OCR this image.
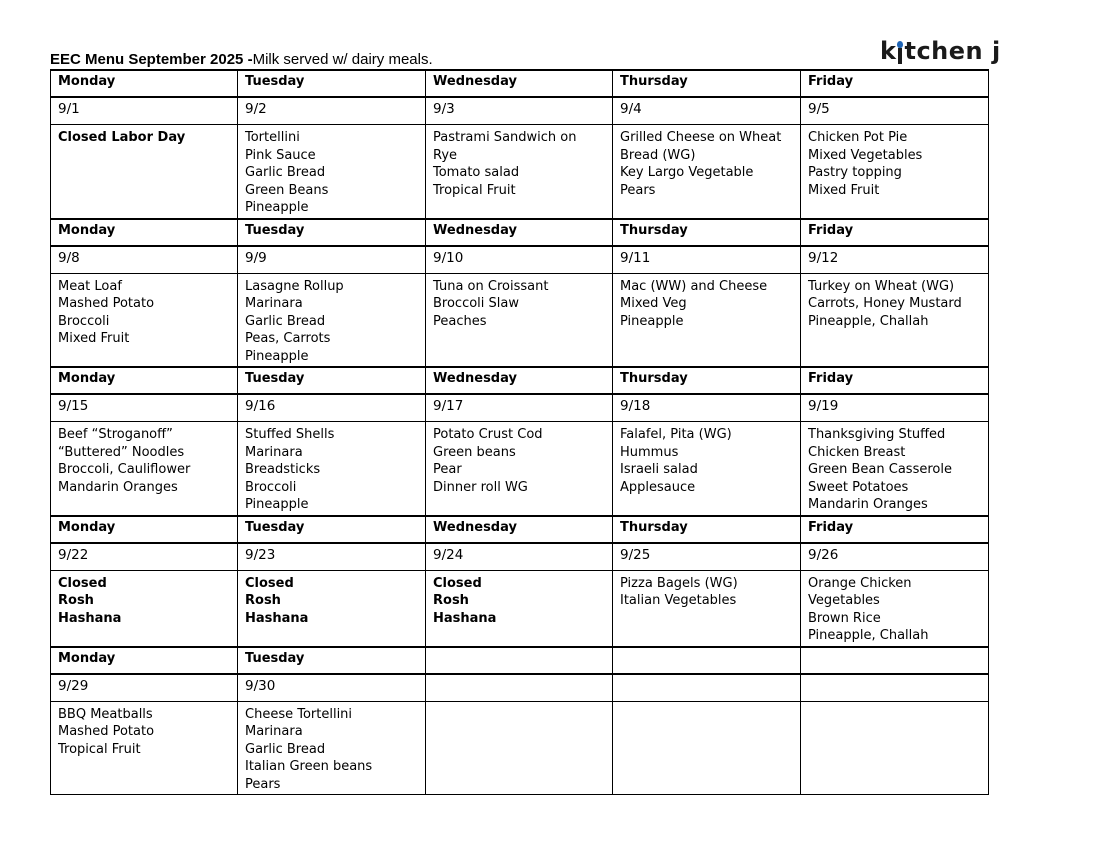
k tchen j
EEC Menu September 2025 -Milk served w/ dairy meals.
Monday	Tuesday	Wednesday	Thursday	Friday
9/1	9/2	9/3	9/4	9/5

Closed Labor Day	Tortellini
Pink Sauce
Garlic Bread
Green Beans
Pineapple	Pastrami Sandwich on
Rye
Tomato salad
Tropical Fruit	Grilled Cheese on Wheat
Bread (WG)
Key Largo Vegetable
Pears	Chicken Pot Pie
Mixed Vegetables
Pastry topping
Mixed Fruit

Monday	Tuesday	Wednesday	Thursday	Friday
9/8	9/9	9/10	9/11	9/12

Meat Loaf
Mashed Potato
Broccoli
Mixed Fruit	Lasagne Rollup
Marinara
Garlic Bread
Peas, Carrots
Pineapple	Tuna on Croissant
Broccoli Slaw
Peaches	Mac (WW) and Cheese
Mixed Veg
Pineapple	Turkey on Wheat (WG)
Carrots, Honey Mustard
Pineapple, Challah

Monday	Tuesday	Wednesday	Thursday	Friday
9/15	9/16	9/17	9/18	9/19

Beef “Stroganoff”
“Buttered” Noodles
Broccoli, Cauliflower
Mandarin Oranges	Stuffed Shells
Marinara
Breadsticks
Broccoli
Pineapple	Potato Crust Cod
Green beans
Pear
Dinner roll WG	Falafel, Pita (WG)
Hummus
Israeli salad
Applesauce	Thanksgiving Stuffed
Chicken Breast
Green Bean Casserole
Sweet Potatoes
Mandarin Oranges

Monday	Tuesday	Wednesday	Thursday	Friday
9/22	9/23	9/24	9/25	9/26

Closed
Rosh
Hashana	Closed
Rosh
Hashana	Closed
Rosh
Hashana	Pizza Bagels (WG)
Italian Vegetables	Orange Chicken
Vegetables
Brown Rice
Pineapple, Challah

Monday	Tuesday			
9/29	9/30			

BBQ Meatballs
Mashed Potato
Tropical Fruit	Cheese Tortellini
Marinara
Garlic Bread
Italian Green beans
Pears			
